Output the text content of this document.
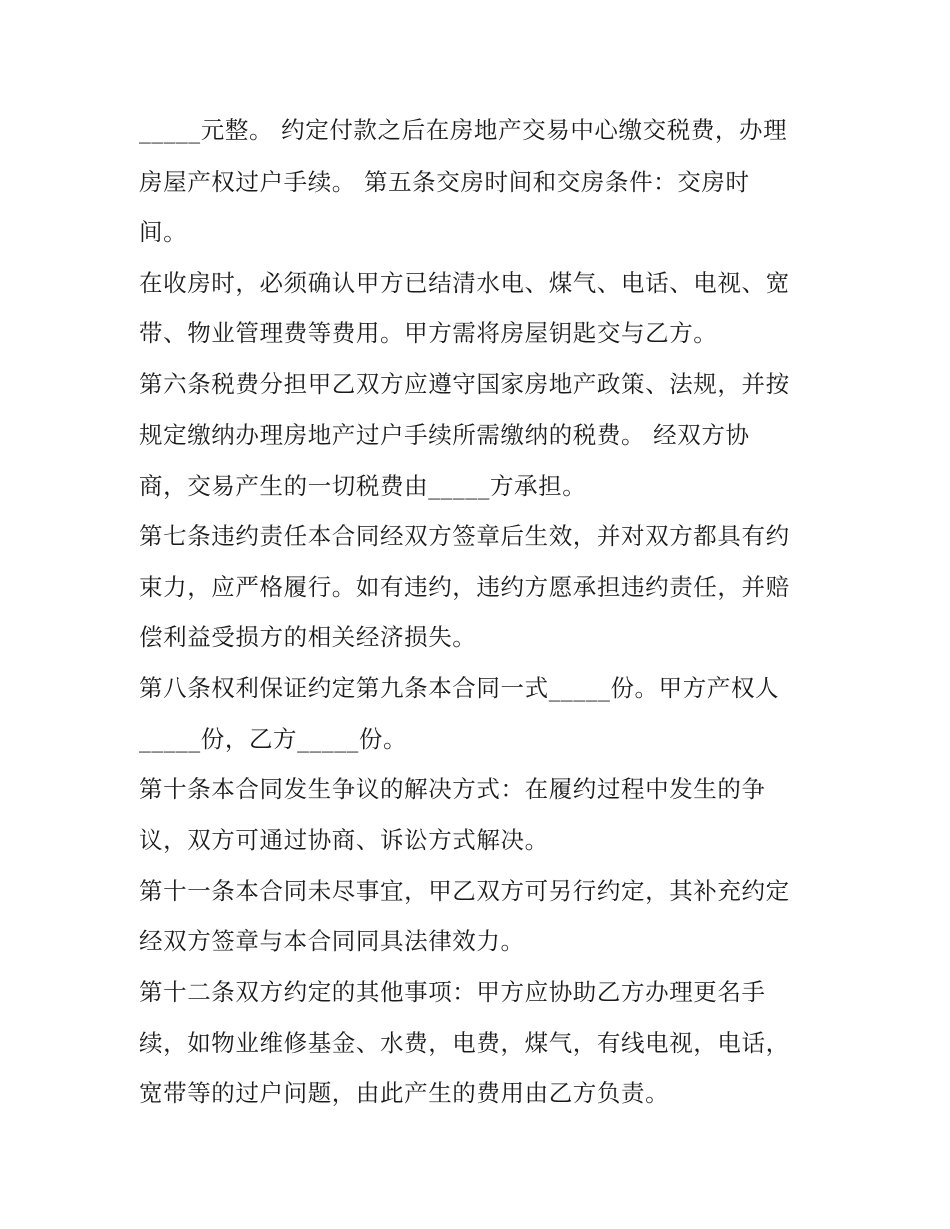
_____元整。 约定付款之后在房地产交易中心缴交税费，办理
房屋产权过户手续。 第五条交房时间和交房条件：交房时
间。
在收房时，必须确认甲方已结清水电、煤气、电话、电视、宽
带、物业管理费等费用。甲方需将房屋钥匙交与乙方。
第六条税费分担甲乙双方应遵守国家房地产政策、法规，并按
规定缴纳办理房地产过户手续所需缴纳的税费。 经双方协
商，交易产生的一切税费由_____方承担。
第七条违约责任本合同经双方签章后生效，并对双方都具有约
束力，应严格履行。如有违约，违约方愿承担违约责任，并赔
偿利益受损方的相关经济损失。
第八条权利保证约定第九条本合同一式_____份。甲方产权人
_____份，乙方_____份。
第十条本合同发生争议的解决方式：在履约过程中发生的争
议，双方可通过协商、诉讼方式解决。
第十一条本合同未尽事宜，甲乙双方可另行约定，其补充约定
经双方签章与本合同同具法律效力。
第十二条双方约定的其他事项：甲方应协助乙方办理更名手
续，如物业维修基金、水费，电费，煤气，有线电视，电话，
宽带等的过户问题，由此产生的费用由乙方负责。
